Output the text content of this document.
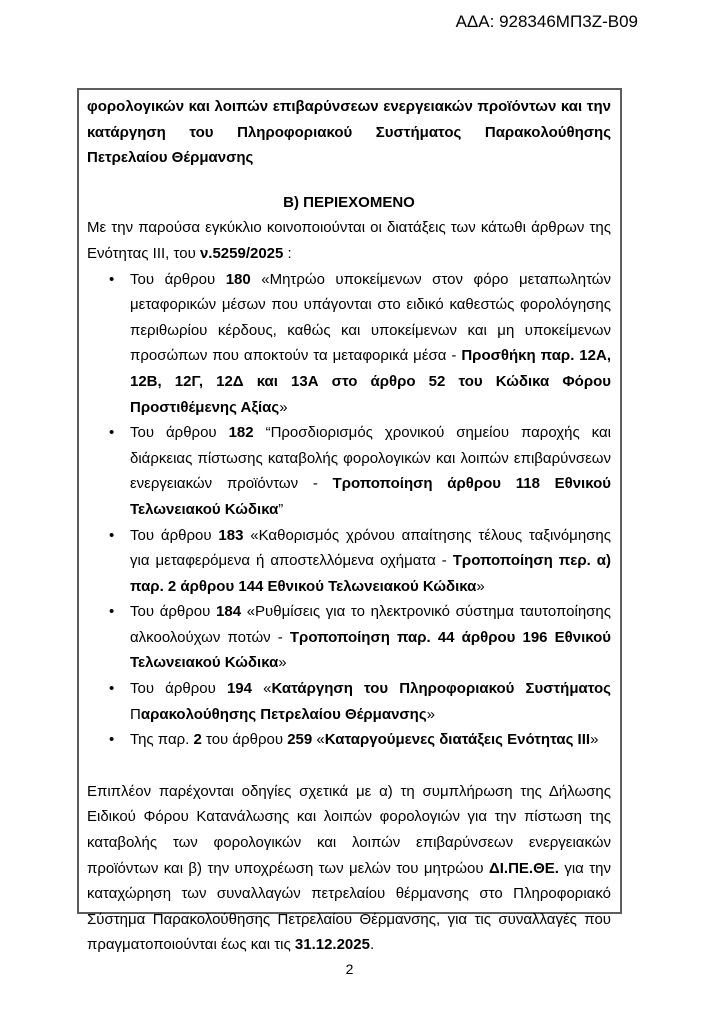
ΑΔΑ: 928346ΜΠ3Ζ-Β09

φορολογικών και λοιπών επιβαρύνσεων ενεργειακών προϊόντων και την κατάργηση του Πληροφοριακού Συστήματος Παρακολούθησης Πετρελαίου Θέρμανσης

Β) ΠΕΡΙΕΧΟΜΕΝΟ

Με την παρούσα εγκύκλιο κοινοποιούνται οι διατάξεις των κάτωθι άρθρων της Ενότητας ΙΙΙ, του ν.5259/2025 :

• Του άρθρου 180 «Μητρώο υποκείμενων στον φόρο μεταπωλητών μεταφορικών μέσων που υπάγονται στο ειδικό καθεστώς φορολόγησης περιθωρίου κέρδους, καθώς και υποκείμενων και μη υποκείμενων προσώπων που αποκτούν τα μεταφορικά μέσα - Προσθήκη παρ. 12Α, 12Β, 12Γ, 12Δ και 13Α στο άρθρο 52 του Κώδικα Φόρου Προστιθέμενης Αξίας»
• Του άρθρου 182 “Προσδιορισμός χρονικού σημείου παροχής και διάρκειας πίστωσης καταβολής φορολογικών και λοιπών επιβαρύνσεων ενεργειακών προϊόντων - Τροποποίηση άρθρου 118 Εθνικού Τελωνειακού Κώδικα”
• Του άρθρου 183 «Καθορισμός χρόνου απαίτησης τέλους ταξινόμησης για μεταφερόμενα ή αποστελλόμενα οχήματα - Τροποποίηση περ. α) παρ. 2 άρθρου 144 Εθνικού Τελωνειακού Κώδικα»
• Του άρθρου 184 «Ρυθμίσεις για το ηλεκτρονικό σύστημα ταυτοποίησης αλκοολούχων ποτών - Τροποποίηση παρ. 44 άρθρου 196 Εθνικού Τελωνειακού Κώδικα»
• Του άρθρου 194 «Κατάργηση του Πληροφοριακού Συστήματος Παρακολούθησης Πετρελαίου Θέρμανσης»
• Της παρ. 2 του άρθρου 259 «Καταργούμενες διατάξεις Ενότητας ΙΙΙ»

Επιπλέον παρέχονται οδηγίες σχετικά με α) τη συμπλήρωση της Δήλωσης Ειδικού Φόρου Κατανάλωσης και λοιπών φορολογιών για την πίστωση της καταβολής των φορολογικών και λοιπών επιβαρύνσεων ενεργειακών προϊόντων και β) την υποχρέωση των μελών του μητρώου ΔΙ.ΠΕ.ΘΕ. για την καταχώρηση των συναλλαγών πετρελαίου θέρμανσης στο Πληροφοριακό Σύστημα Παρακολούθησης Πετρελαίου Θέρμανσης, για τις συναλλαγές που πραγματοποιούνται έως και τις 31.12.2025.

2
